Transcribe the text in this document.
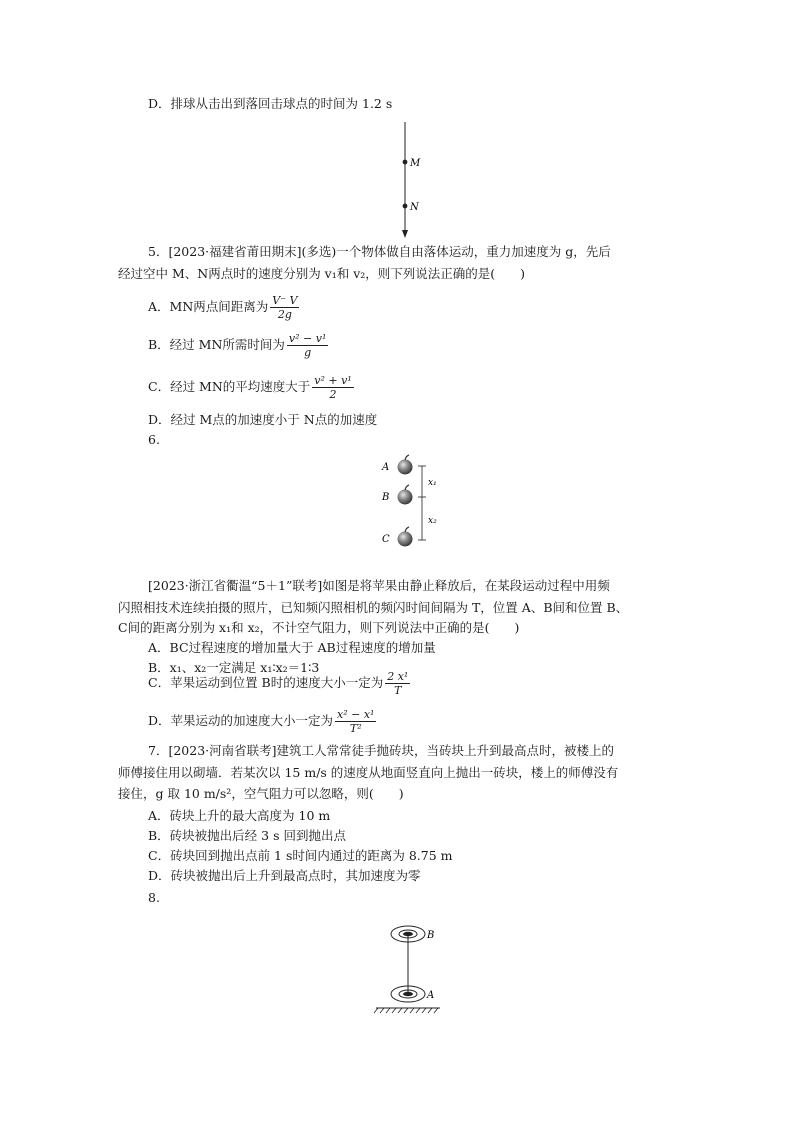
D．排球从击出到落回击球点的时间为 1.2 s
M
N
5．[2023·福建省莆田期末](多选)一个物体做自由落体运动，重力加速度为 g，先后
经过空中 M、N两点时的速度分别为 v₁和 v₂，则下列说法正确的是(　　)
A．MN两点间距离为 $\frac{V^- V}{2g}$
B．经过 MN所需时间为 $\frac{\text{v² − v¹}}{g}$
C．经过 MN的平均速度大于 $\frac{\text{v² + v¹}}{2}$
D．经过 M点的加速度小于 N点的加速度
6.
A
B
C
x₁
x₂
[2023·浙江省衢温“5＋1”联考]如图是将苹果由静止释放后，在某段运动过程中用频
闪照相技术连续拍摄的照片，已知频闪照相机的频闪时间间隔为 T，位置 A、B间和位置 B、
C间的距离分别为 x₁和 x₂，不计空气阻力，则下列说法中正确的是(　　)
A．BC过程速度的增加量大于 AB过程速度的增加量
B．x₁、x₂一定满足 x₁∶x₂＝1∶3
C．苹果运动到位置 B时的速度大小一定为 $\frac{\text{2 x¹}}{T}$
D．苹果运动的加速度大小一定为 $\frac{\text{x² − x¹}}{\text{T²}}$
7．[2023·河南省联考]建筑工人常常徒手抛砖块，当砖块上升到最高点时，被楼上的
师傅接住用以砌墙．若某次以 15 m/s 的速度从地面竖直向上抛出一砖块，楼上的师傅没有
接住，g 取 10 m/s²，空气阻力可以忽略，则(　　)
A．砖块上升的最大高度为 10 m
B．砖块被抛出后经 3 s 回到抛出点
C．砖块回到抛出点前 1 s时间内通过的距离为 8.75 m
D．砖块被抛出后上升到最高点时，其加速度为零
8.
B
A
